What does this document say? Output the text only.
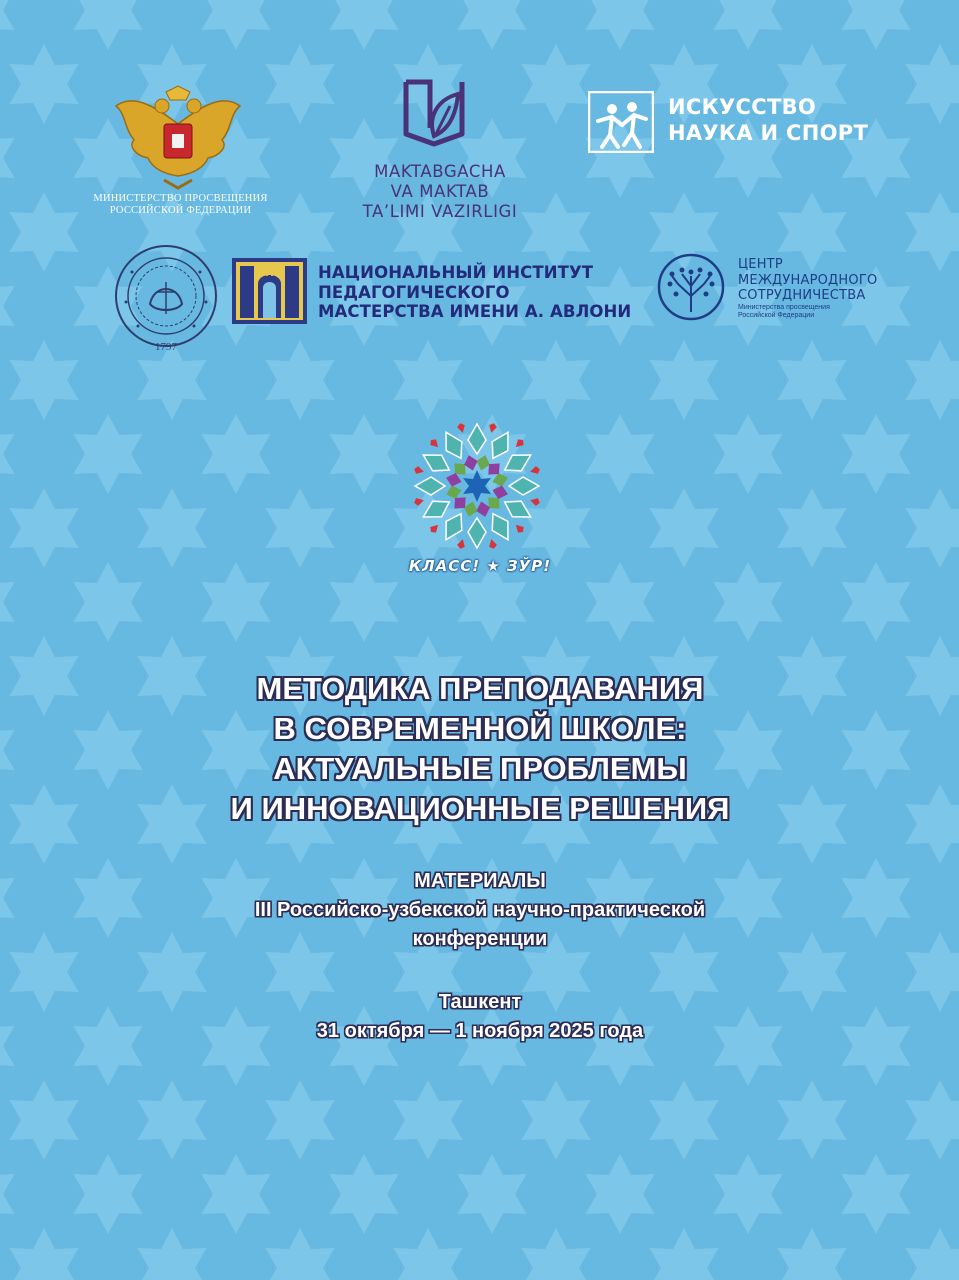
МИНИСТЕРСТВО ПРОСВЕЩЕНИЯ
РОССИЙСКОЙ ФЕДЕРАЦИИ
MAKTABGACHA
VA MAKTAB
TA’LIMI VAZIRLIGI
ИСКУССТВО
НАУКА И СПОРТ
1797
Ä	НАЦИОНАЛЬНЫЙ ИНСТИТУТ
ПЕДАГОГИЧЕСКОГО
МАСТЕРСТВА ИМЕНИ А. АВЛОНИ
ЦЕНТР
МЕЖДУНАРОДНОГО
СОТРУДНИЧЕСТВА
Министерства просвещения
Российской Федерации
КЛАСС! ★ ЗЎР!
МЕТОДИКА ПРЕПОДАВАНИЯ
В СОВРЕМЕННОЙ ШКОЛЕ:
АКТУАЛЬНЫЕ ПРОБЛЕМЫ
И ИННОВАЦИОННЫЕ РЕШЕНИЯ
МАТЕРИАЛЫ
III Российско-узбекской научно-практической
конференции
Ташкент
31 октября — 1 ноября 2025 года
